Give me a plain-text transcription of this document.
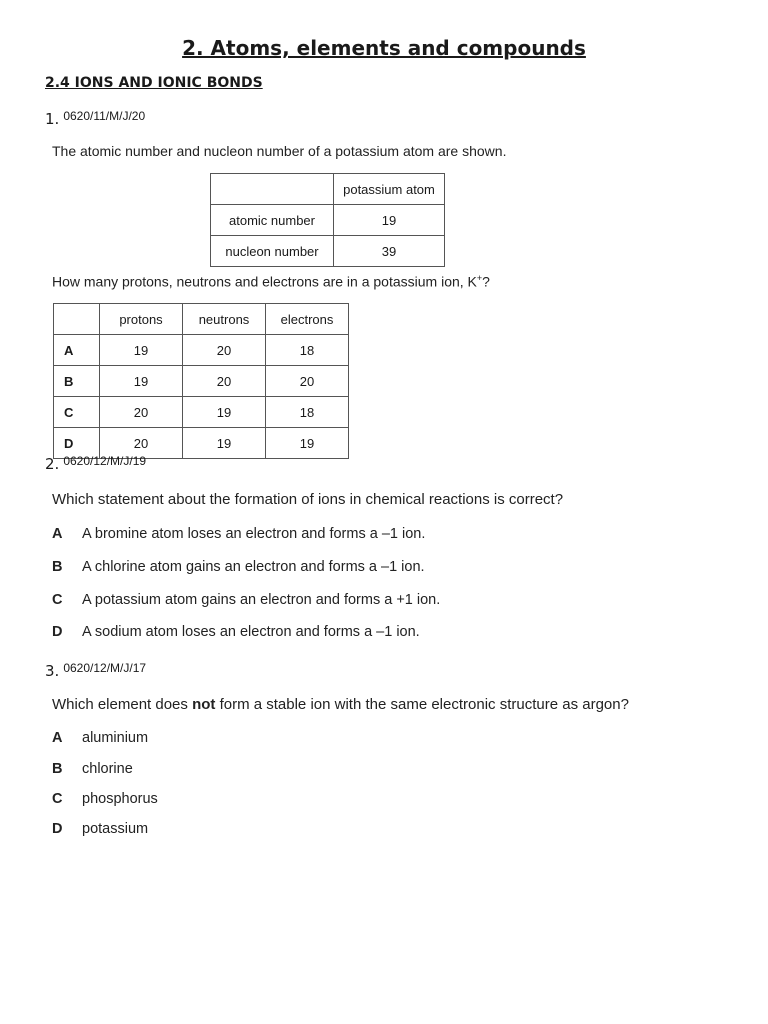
2. Atoms, elements and compounds
2.4 IONS AND IONIC BONDS
1. $^{0620/11/M/J/20}$
The atomic number and nucleon number of a potassium atom are shown.
	potassium atom
atomic number	19
nucleon number	39
How many protons, neutrons and electrons are in a potassium ion, K+?
	protons	neutrons	electrons
A	19	20	18
B	19	20	20
C	20	19	18
D	20	19	19
2. $^{0620/12/M/J/19}$
Which statement about the formation of ions in chemical reactions is correct?
A A bromine atom loses an electron and forms a –1 ion.
B A chlorine atom gains an electron and forms a –1 ion.
C A potassium atom gains an electron and forms a +1 ion.
D A sodium atom loses an electron and forms a –1 ion.
3. $^{0620/12/M/J/17}$
Which element does not form a stable ion with the same electronic structure as argon?
A aluminium
B chlorine
C phosphorus
D potassium
